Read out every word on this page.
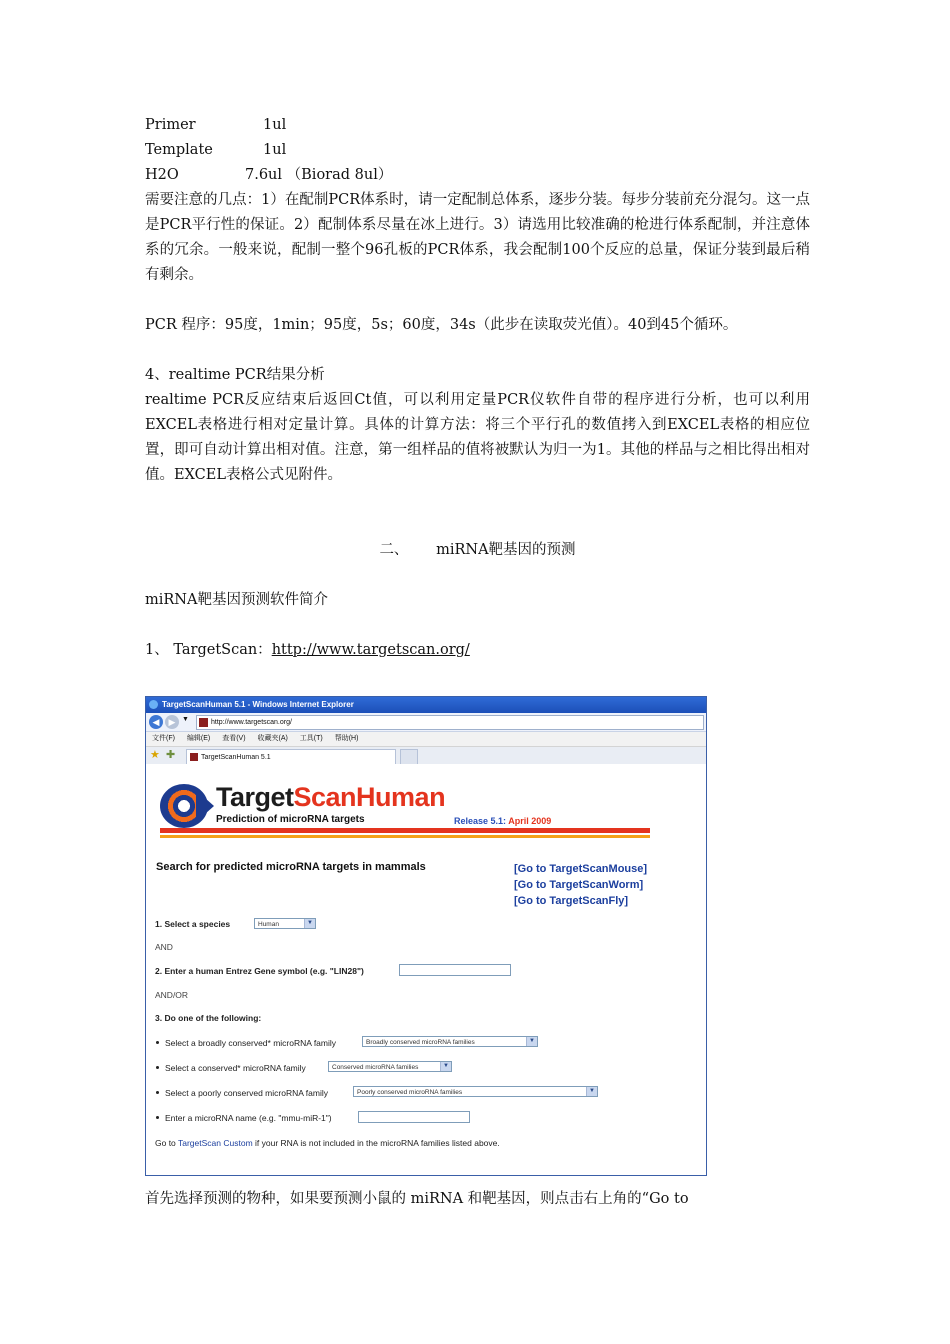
Primer	1ul
Template	1ul
H2O	7.6ul （Biorad 8ul）
需要注意的几点：1）在配制PCR体系时，请一定配制总体系，逐步分装。每步分装前充分混匀。这一点是PCR平行性的保证。2）配制体系尽量在冰上进行。3）请选用比较准确的枪进行体系配制，并注意体系的冗余。一般来说，配制一整个96孔板的PCR体系，我会配制100个反应的总量，保证分装到最后稍有剩余。
PCR 程序：95度，1min；95度，5s；60度，34s（此步在读取荧光值）。40到45个循环。
4、realtime PCR结果分析
realtime PCR反应结束后返回Ct值，可以利用定量PCR仪软件自带的程序进行分析，也可以利用EXCEL表格进行相对定量计算。具体的计算方法：将三个平行孔的数值拷入到EXCEL表格的相应位置，即可自动计算出相对值。注意，第一组样品的值将被默认为归一为1。其他的样品与之相比得出相对值。EXCEL表格公式见附件。
二、      miRNA靶基因的预测
miRNA靶基因预测软件简介
1、 TargetScan：http://www.targetscan.org/
TargetScanHuman 5.1 - Windows Internet Explorer
◀	▶ ▼	http://www.targetscan.org/
文件(F) 编辑(E) 查看(V) 收藏夹(A) 工具(T) 帮助(H)
★ ✚	TargetScanHuman 5.1
TargetScanHuman
Prediction of microRNA targets	Release 5.1: April 2009
Search for predicted microRNA targets in mammals	[Go to TargetScanMouse]
[Go to TargetScanWorm]
[Go to TargetScanFly]
1. Select a species	Human	▼
AND
2. Enter a human Entrez Gene symbol (e.g. "LIN28")
AND/OR
3. Do one of the following:
Select a broadly conserved* microRNA family	Broadly conserved microRNA families	▼
Select a conserved* microRNA family	Conserved microRNA families	▼
Select a poorly conserved microRNA family	Poorly conserved microRNA families	▼
Enter a microRNA name (e.g. "mmu-miR-1")
Go to TargetScan Custom if your RNA is not included in the microRNA families listed above.
首先选择预测的物种，如果要预测小鼠的 miRNA 和靶基因，则点击右上角的“Go to
